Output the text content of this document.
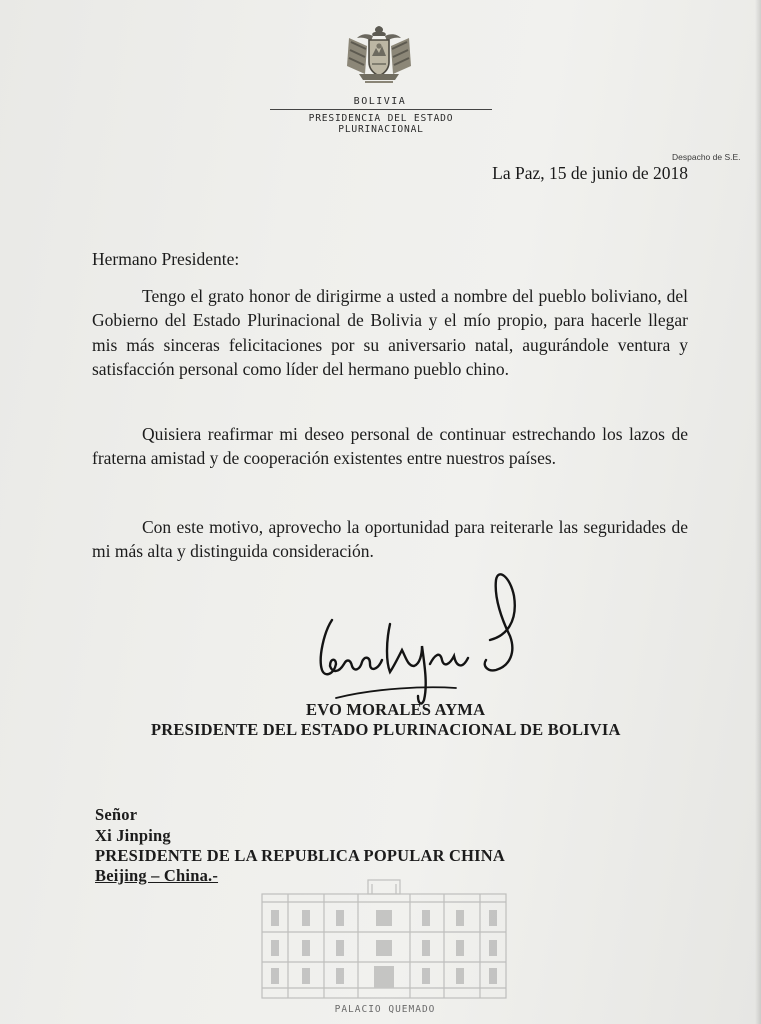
BOLIVIA
PRESIDENCIA DEL ESTADO PLURINACIONAL
Despacho de S.E.
La Paz, 15 de junio de 2018
Hermano Presidente:

Tengo el grato honor de dirigirme a usted a nombre del pueblo boliviano, del Gobierno del Estado Plurinacional de Bolivia y el mío propio, para hacerle llegar mis más sinceras felicitaciones por su aniversario natal, augurándole ventura y satisfacción personal como líder del hermano pueblo chino.

Quisiera reafirmar mi deseo personal de continuar estrechando los lazos de fraterna amistad y de cooperación existentes entre nuestros países.

Con este motivo, aprovecho la oportunidad para reiterarle las seguridades de mi más alta y distinguida consideración.

EVO MORALES AYMA
PRESIDENTE DEL ESTADO PLURINACIONAL DE BOLIVIA
Señor
Xi Jinping
PRESIDENTE DE LA REPUBLICA POPULAR CHINA
Beijing – China.-
PALACIO QUEMADO
